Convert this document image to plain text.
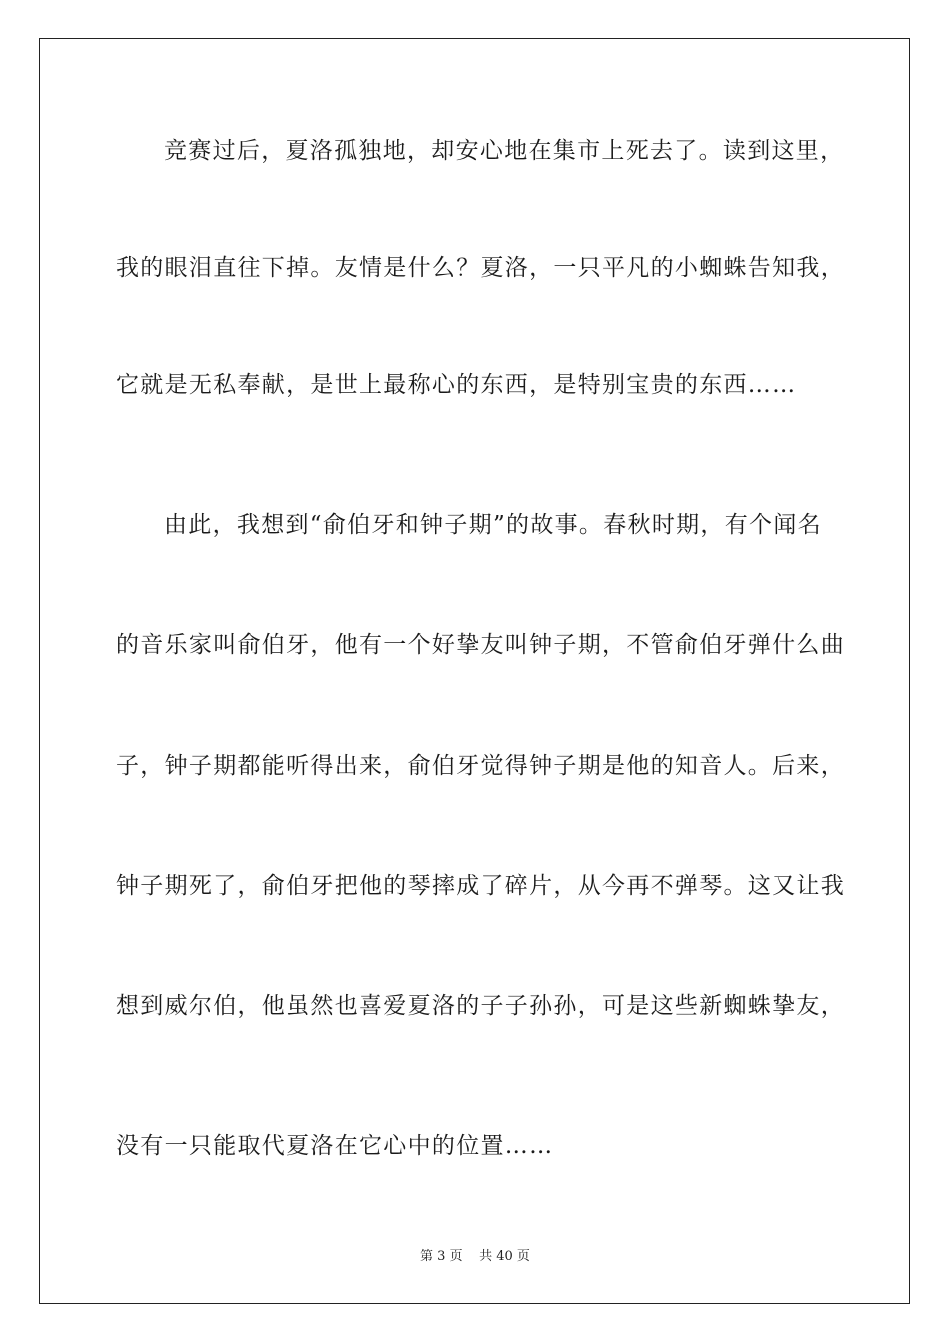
竞赛过后，夏洛孤独地，却安心地在集市上死去了。读到这里，
我的眼泪直往下掉。友情是什么？夏洛，一只平凡的小蜘蛛告知我，
它就是无私奉献，是世上最称心的东西，是特别宝贵的东西……
由此，我想到“俞伯牙和钟子期”的故事。春秋时期，有个闻名
的音乐家叫俞伯牙，他有一个好挚友叫钟子期，不管俞伯牙弹什么曲
子，钟子期都能听得出来，俞伯牙觉得钟子期是他的知音人。后来，
钟子期死了，俞伯牙把他的琴摔成了碎片，从今再不弹琴。这又让我
想到威尔伯，他虽然也喜爱夏洛的子子孙孙，可是这些新蜘蛛挚友，
没有一只能取代夏洛在它心中的位置……
第 3 页 共 40 页
